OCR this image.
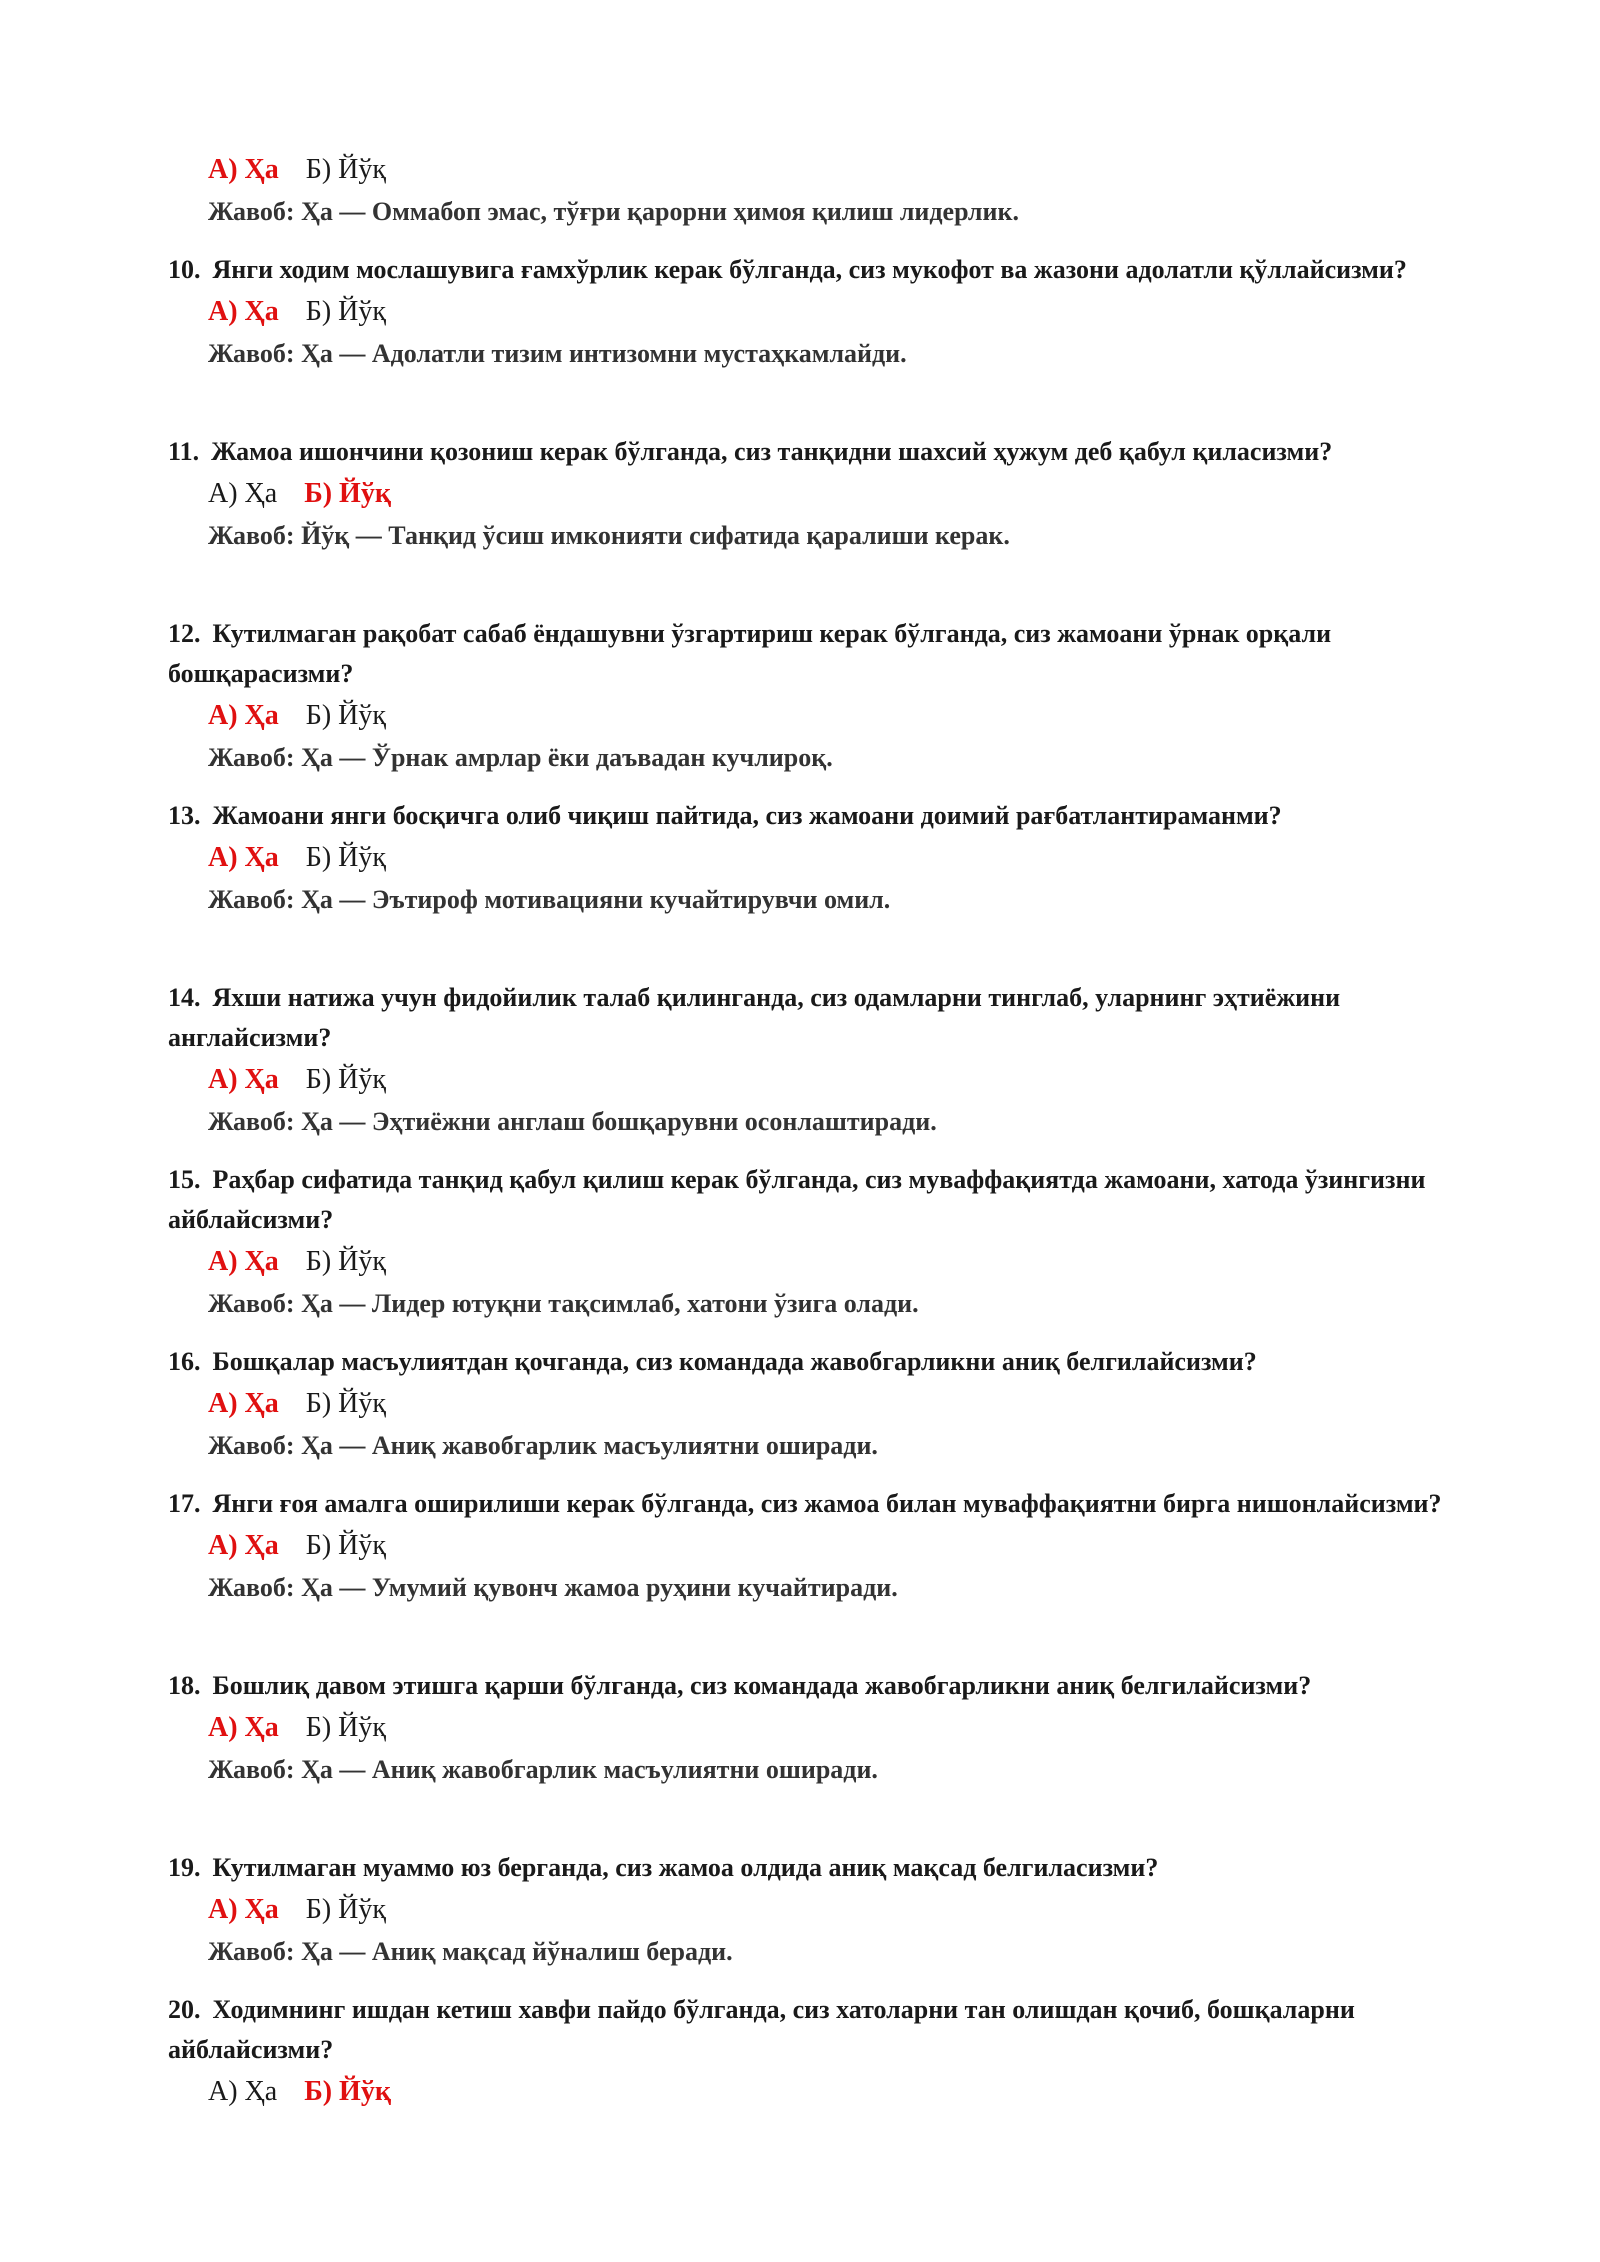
А) Ҳа Б) Йўқ
Жавоб: Ҳа — Оммабоп эмас, тўғри қарорни ҳимоя қилиш лидерлик.

10. Янги ходим мослашувига ғамхўрлик керак бўлганда, сиз мукофот ва жазони адолатли қўллайсизми?

А) Ҳа Б) Йўқ
Жавоб: Ҳа — Адолатли тизим интизомни мустаҳкамлайди.

11. Жамоа ишончини қозониш керак бўлганда, сиз танқидни шахсий ҳужум деб қабул қиласизми?

А) Ҳа Б) Йўқ
Жавоб: Йўқ — Танқид ўсиш имконияти сифатида қаралиши керак.

12. Кутилмаган рақобат сабаб ёндашувни ўзгартириш керак бўлганда, сиз жамоани ўрнак орқали бошқарасизми?

А) Ҳа Б) Йўқ
Жавоб: Ҳа — Ўрнак амрлар ёки даъвадан кучлироқ.

13. Жамоани янги босқичга олиб чиқиш пайтида, сиз жамоани доимий рағбатлантираманми?

А) Ҳа Б) Йўқ
Жавоб: Ҳа — Эътироф мотивацияни кучайтирувчи омил.

14. Яхши натижа учун фидойилик талаб қилинганда, сиз одамларни тинглаб, уларнинг эҳтиёжини англайсизми?

А) Ҳа Б) Йўқ
Жавоб: Ҳа — Эҳтиёжни англаш бошқарувни осонлаштиради.

15. Раҳбар сифатида танқид қабул қилиш керак бўлганда, сиз муваффақиятда жамоани, хатода ўзингизни айблайсизми?

А) Ҳа Б) Йўқ
Жавоб: Ҳа — Лидер ютуқни тақсимлаб, хатони ўзига олади.

16. Бошқалар масъулиятдан қочганда, сиз командада жавобгарликни аниқ белгилайсизми?

А) Ҳа Б) Йўқ
Жавоб: Ҳа — Аниқ жавобгарлик масъулиятни оширади.

17. Янги ғоя амалга оширилиши керак бўлганда, сиз жамоа билан муваффақиятни бирга нишонлайсизми?

А) Ҳа Б) Йўқ
Жавоб: Ҳа — Умумий қувонч жамоа руҳини кучайтиради.

18. Бошлиқ давом этишга қарши бўлганда, сиз командада жавобгарликни аниқ белгилайсизми?

А) Ҳа Б) Йўқ
Жавоб: Ҳа — Аниқ жавобгарлик масъулиятни оширади.

19. Кутилмаган муаммо юз берганда, сиз жамоа олдида аниқ мақсад белгиласизми?

А) Ҳа Б) Йўқ
Жавоб: Ҳа — Аниқ мақсад йўналиш беради.

20. Ходимнинг ишдан кетиш хавфи пайдо бўлганда, сиз хатоларни тан олишдан қочиб, бошқаларни айблайсизми?

А) Ҳа Б) Йўқ
